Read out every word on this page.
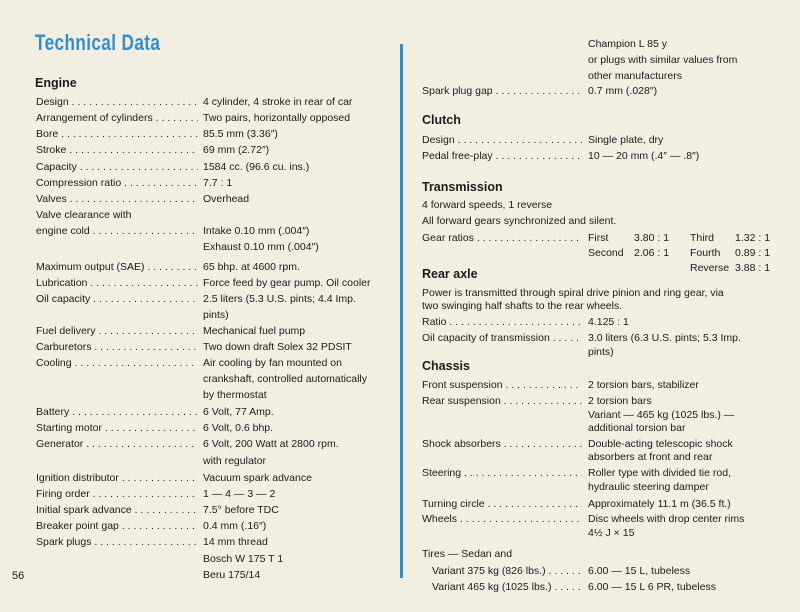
Technical Data
56
Engine
Design . . .	4 cylinder, 4 stroke in rear of car
Arrangement of cylinders . . .	Two pairs, horizontally opposed
Bore . . .	85.5 mm (3.36″)
Stroke . . .	69 mm (2.72″)
Capacity . . .	1584 cc. (96.6 cu. ins.)
Compression ratio . . .	7.7 : 1
Valves . . .	Overhead
Valve clearance with
engine cold . . .	Intake 0.10 mm (.004″)
Exhaust 0.10 mm (.004″)
Maximum output (SAE) . . .	65 bhp. at 4600 rpm.
Lubrication . . .	Force feed by gear pump. Oil cooler
Oil capacity . . .	2.5 liters (5.3 U.S. pints; 4.4 Imp.
pints)
Fuel delivery . . .	Mechanical fuel pump
Carburetors . . .	Two down draft Solex 32 PDSIT
Cooling . . .	Air cooling by fan mounted on
crankshaft, controlled automatically
by thermostat
Battery . . .	6 Volt, 77 Amp.
Starting motor . . .	6 Volt, 0.6 bhp.
Generator . . .	6 Volt, 200 Watt at 2800 rpm.
with regulator
Ignition distributor . . .	Vacuum spark advance
Firing order . . .	1 — 4 — 3 — 2
Initial spark advance . . .	7.5° before TDC
Breaker point gap . . .	0.4 mm (.16″)
Spark plugs . . .	14 mm thread
Bosch W 175 T 1
Beru 175/14
Champion L 85 y
or plugs with similar values from
other manufacturers
Spark plug gap . . .	0.7 mm (.028″)
Clutch
Design . . .	Single plate, dry
Pedal free-play . . .	10 — 20 mm (.4″ — .8″)
Transmission
4 forward speeds, 1 reverse
All forward gears synchronized and silent.
Gear ratios . . .	First 3.80 : 1
Second 2.06 : 1
Third 1.32 : 1
Fourth 0.89 : 1
Reverse 3.88 : 1
Rear axle
Power is transmitted through spiral drive pinion and ring gear, via
two swinging half shafts to the rear wheels.
Ratio . . .	4.125 : 1
Oil capacity of transmission . . .	3.0 liters (6.3 U.S. pints; 5.3 Imp.
pints)
Chassis
Front suspension . . .	2 torsion bars, stabilizer
Rear suspension . . .	2 torsion bars
Variant — 465 kg (1025 lbs.) —
additional torsion bar
Shock absorbers . . .	Double-acting telescopic shock
absorbers at front and rear
Steering . . .	Roller type with divided tie rod,
hydraulic steering damper
Turning circle . . .	Approximately 11.1 m (36.5 ft.)
Wheels . . .	Disc wheels with drop center rims
4½ J × 15
Tires — Sedan and
Variant 375 kg (826 lbs.) . . .	6.00 — 15 L, tubeless
Variant 465 kg (1025 lbs.) . . .	6.00 — 15 L 6 PR, tubeless
